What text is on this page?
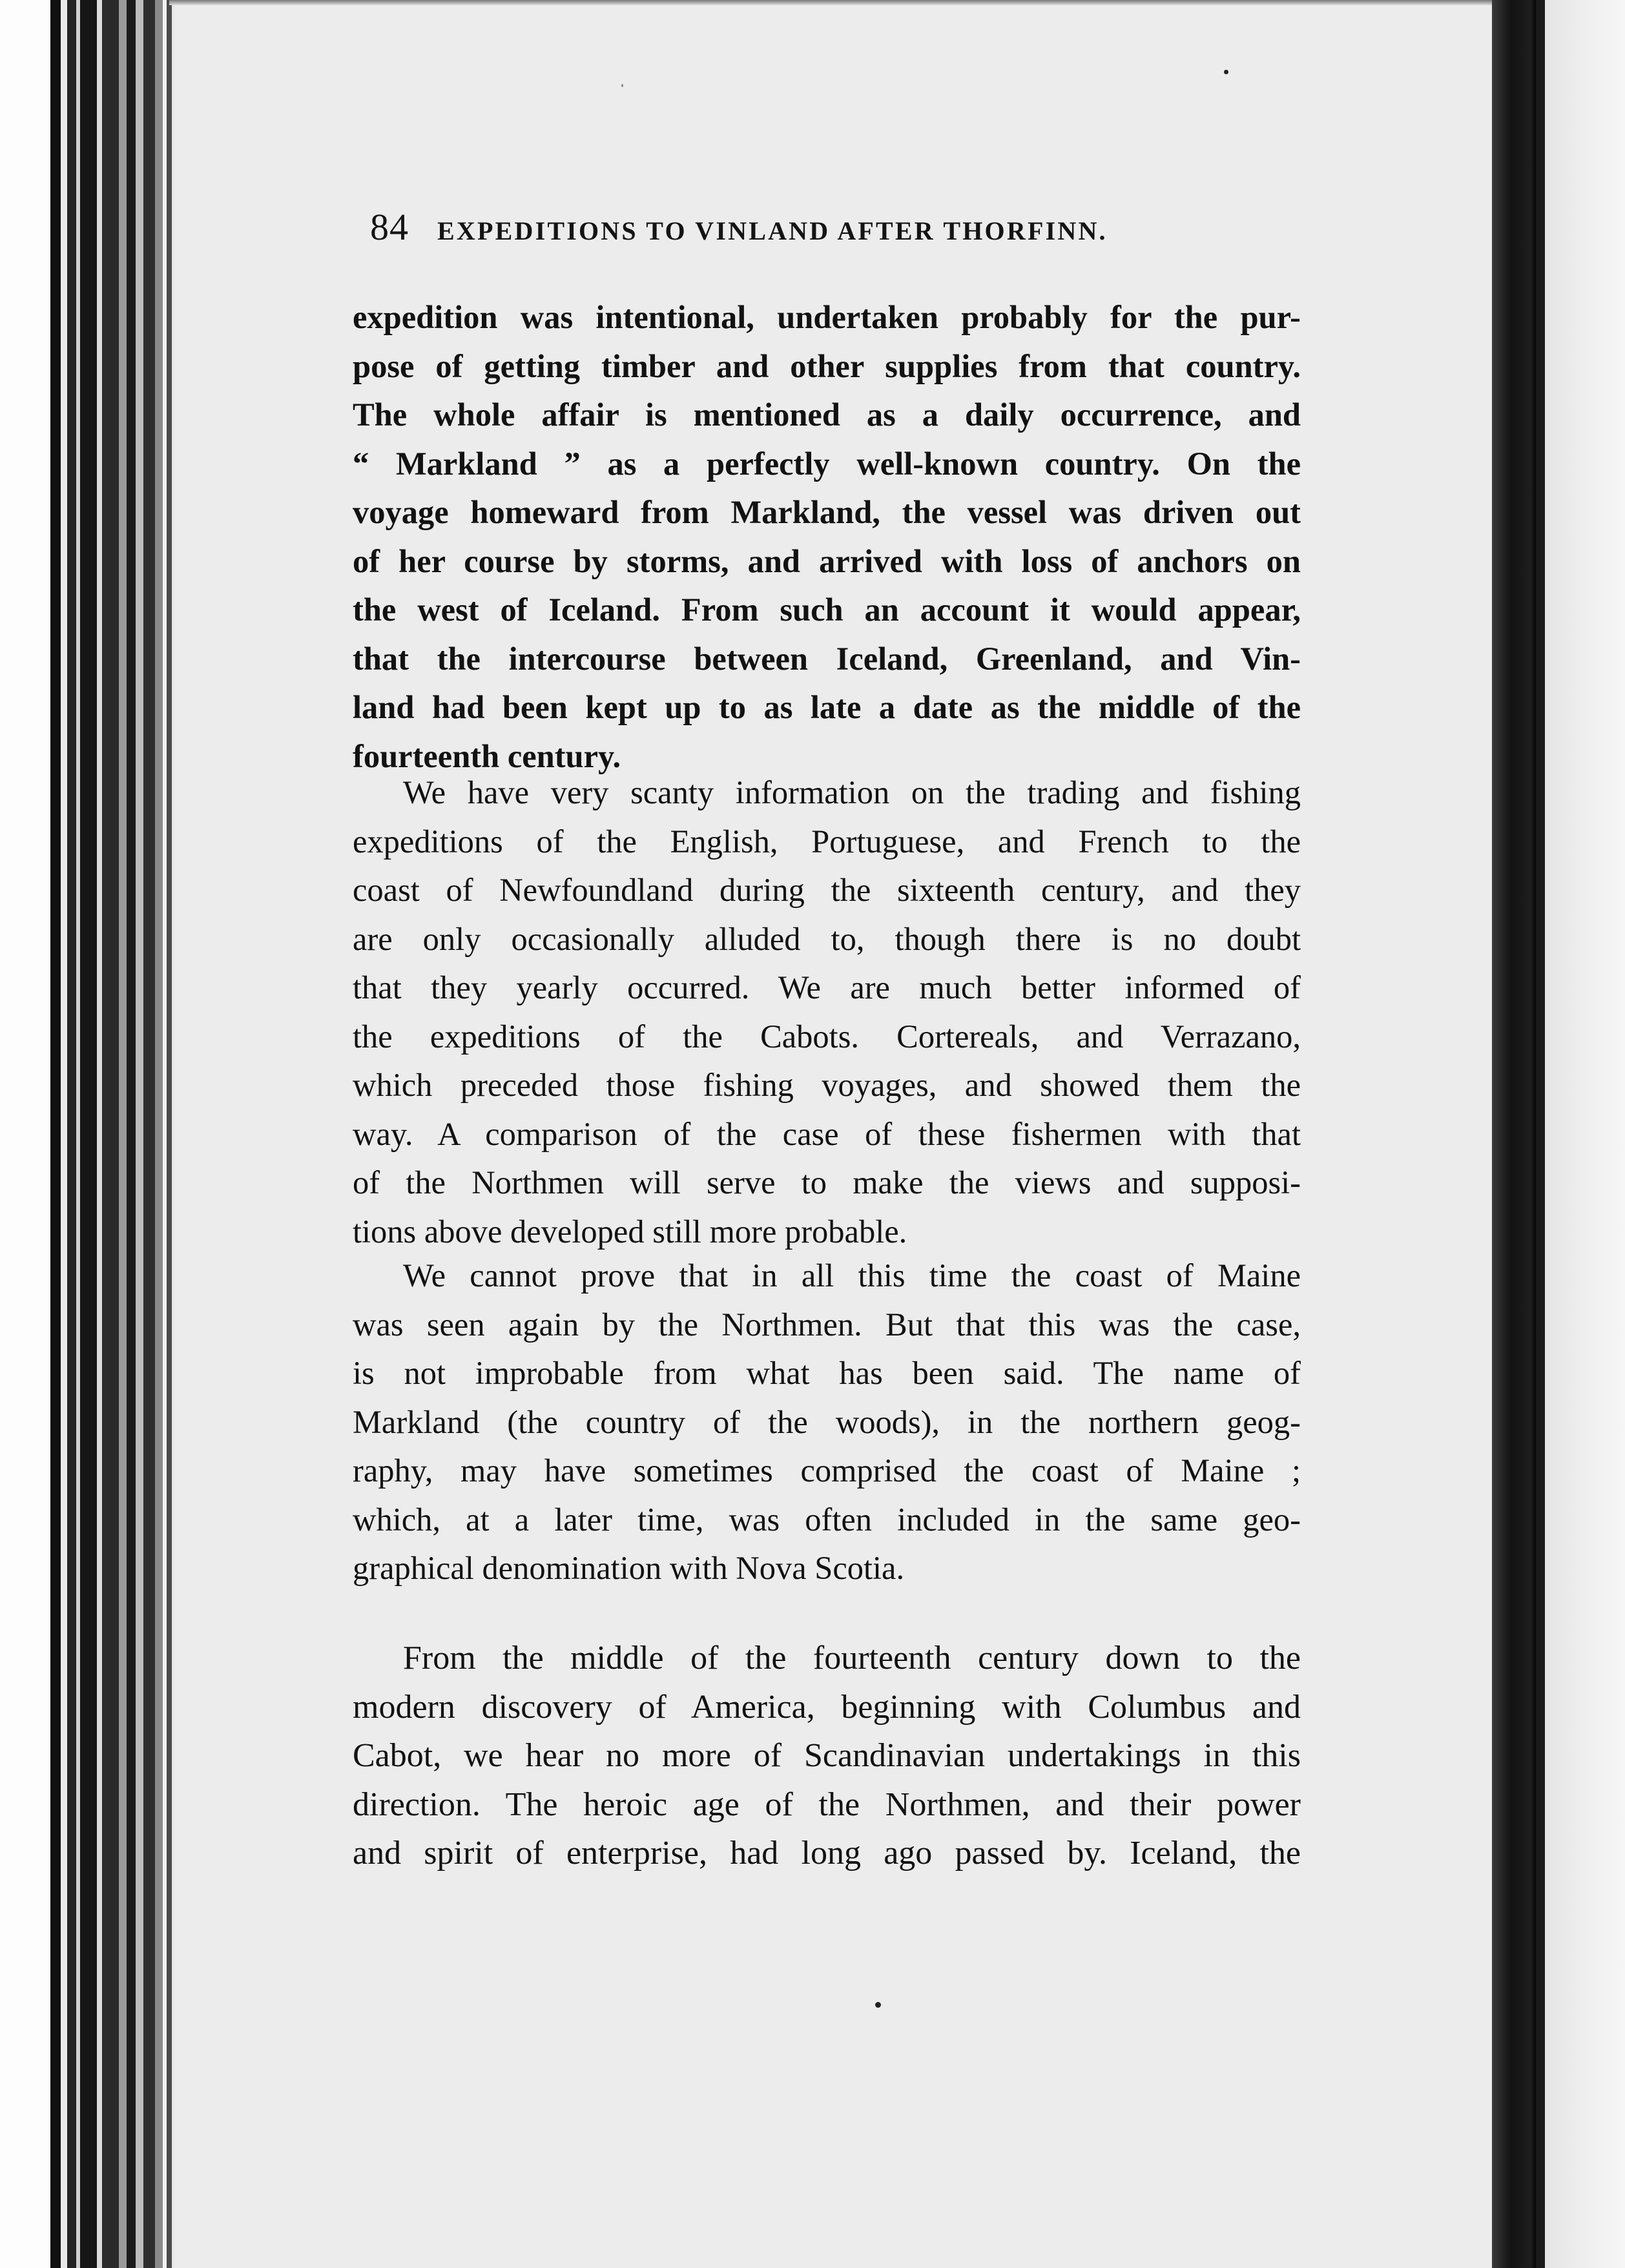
84 EXPEDITIONS TO VINLAND AFTER THORFINN.
expedition was intentional, undertaken probably for the pur-
pose of getting timber and other supplies from that country.
The whole affair is mentioned as a daily occurrence, and
“ Markland ” as a perfectly well-known country. On the
voyage homeward from Markland, the vessel was driven out
of her course by storms, and arrived with loss of anchors on
the west of Iceland. From such an account it would appear,
that the intercourse between Iceland, Greenland, and Vin-
land had been kept up to as late a date as the middle of the
fourteenth century.
We have very scanty information on the trading and fishing
expeditions of the English, Portuguese, and French to the
coast of Newfoundland during the sixteenth century, and they
are only occasionally alluded to, though there is no doubt
that they yearly occurred. We are much better informed of
the expeditions of the Cabots. Cortereals, and Verrazano,
which preceded those fishing voyages, and showed them the
way. A comparison of the case of these fishermen with that
of the Northmen will serve to make the views and supposi-
tions above developed still more probable.
We cannot prove that in all this time the coast of Maine
was seen again by the Northmen. But that this was the case,
is not improbable from what has been said. The name of
Markland (the country of the woods), in the northern geog-
raphy, may have sometimes comprised the coast of Maine ;
which, at a later time, was often included in the same geo-
graphical denomination with Nova Scotia.
From the middle of the fourteenth century down to the
modern discovery of America, beginning with Columbus and
Cabot, we hear no more of Scandinavian undertakings in this
direction. The heroic age of the Northmen, and their power
and spirit of enterprise, had long ago passed by. Iceland, the
